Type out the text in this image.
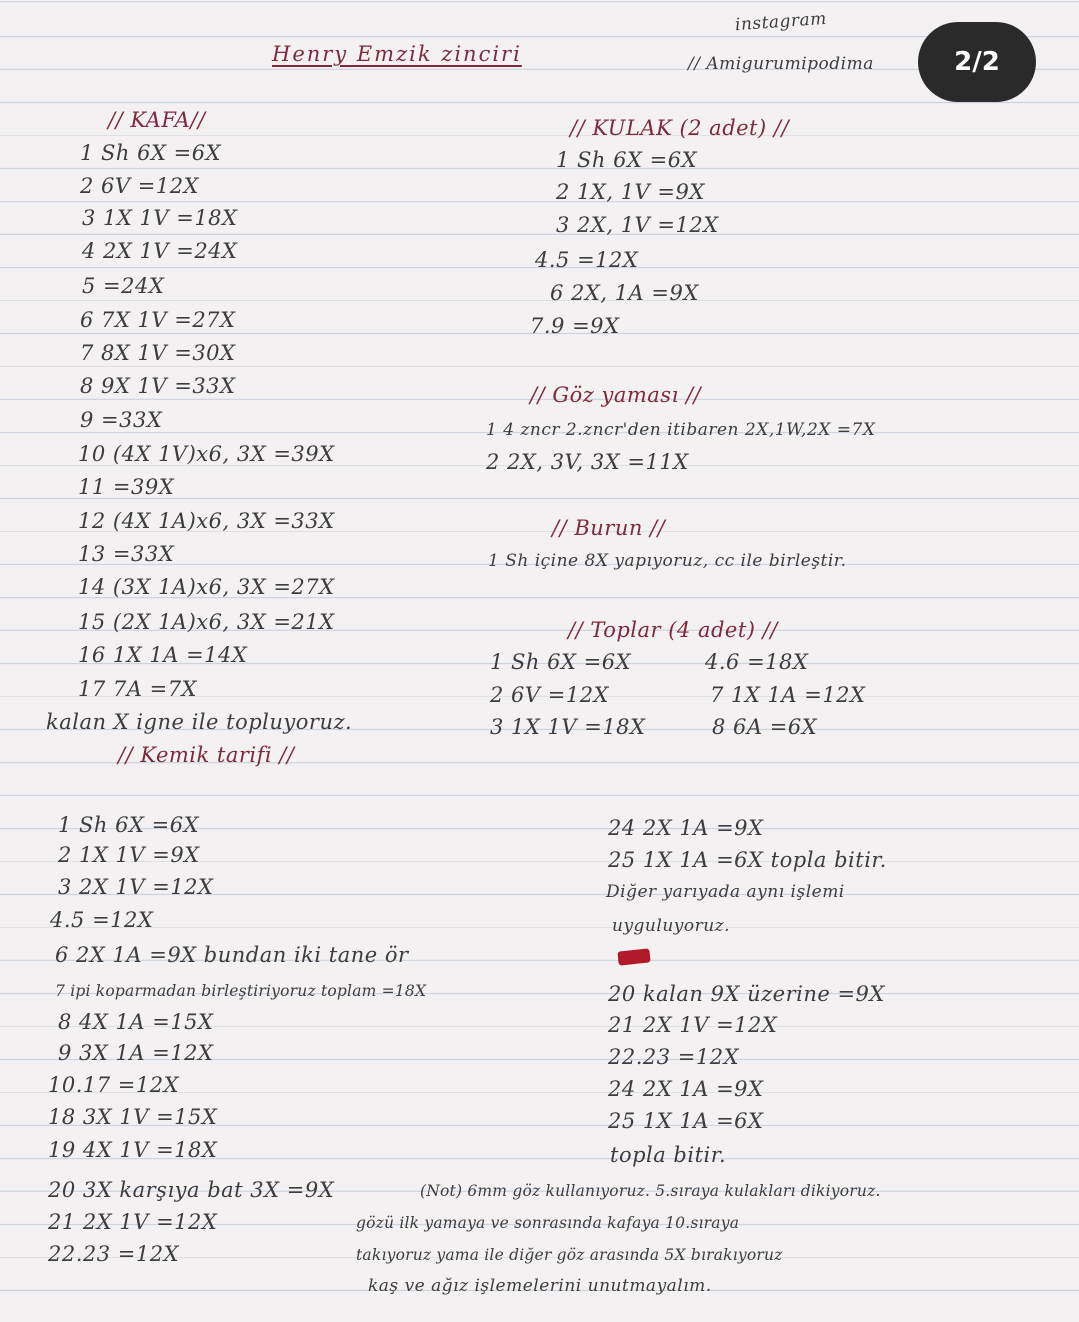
instagram
Henry Emzik zinciri	// Amigurumipodima	2/2
// KAFA//
1 Sh 6X =6X
2 6V =12X
3 1X 1V =18X
4 2X 1V =24X
5 =24X
6 7X 1V =27X
7 8X 1V =30X
8 9X 1V =33X
9 =33X
10 (4X 1V)x6, 3X =39X
11 =39X
12 (4X 1A)x6, 3X =33X
13 =33X
14 (3X 1A)x6, 3X =27X
15 (2X 1A)x6, 3X =21X
16 1X 1A =14X
17 7A =7X
kalan X igne ile topluyoruz.
// KULAK (2 adet) //
1 Sh 6X =6X
2 1X, 1V =9X
3 2X, 1V =12X
4.5 =12X
6 2X, 1A =9X
7.9 =9X
// Göz yaması //
1 4 zncr 2.zncr'den itibaren 2X,1W,2X =7X
2 2X, 3V, 3X =11X
// Burun //
1 Sh içine 8X yapıyoruz, cc ile birleştir.
// Toplar (4 adet) //
1 Sh 6X =6X	4.6 =18X
2 6V =12X	7 1X 1A =12X
3 1X 1V =18X	8 6A =6X
// Kemik tarifi //
1 Sh 6X =6X
2 1X 1V =9X
3 2X 1V =12X
4.5 =12X
6 2X 1A =9X bundan iki tane ör
7 ipi koparmadan birleştiriyoruz toplam =18X
8 4X 1A =15X
9 3X 1A =12X
10.17 =12X
18 3X 1V =15X
19 4X 1V =18X
24 2X 1A =9X
25 1X 1A =6X topla bitir.
Diğer yarıyada aynı işlemi
uyguluyoruz.
20 kalan 9X üzerine =9X
21 2X 1V =12X
22.23 =12X
24 2X 1A =9X
25 1X 1A =6X
topla bitir.
20 3X karşıya bat 3X =9X
21 2X 1V =12X
22.23 =12X
(Not) 6mm göz kullanıyoruz. 5.sıraya kulakları dikiyoruz.
gözü ilk yamaya ve sonrasında kafaya 10.sıraya
takıyoruz yama ile diğer göz arasında 5X bırakıyoruz
kaş ve ağız işlemelerini unutmayalım.
